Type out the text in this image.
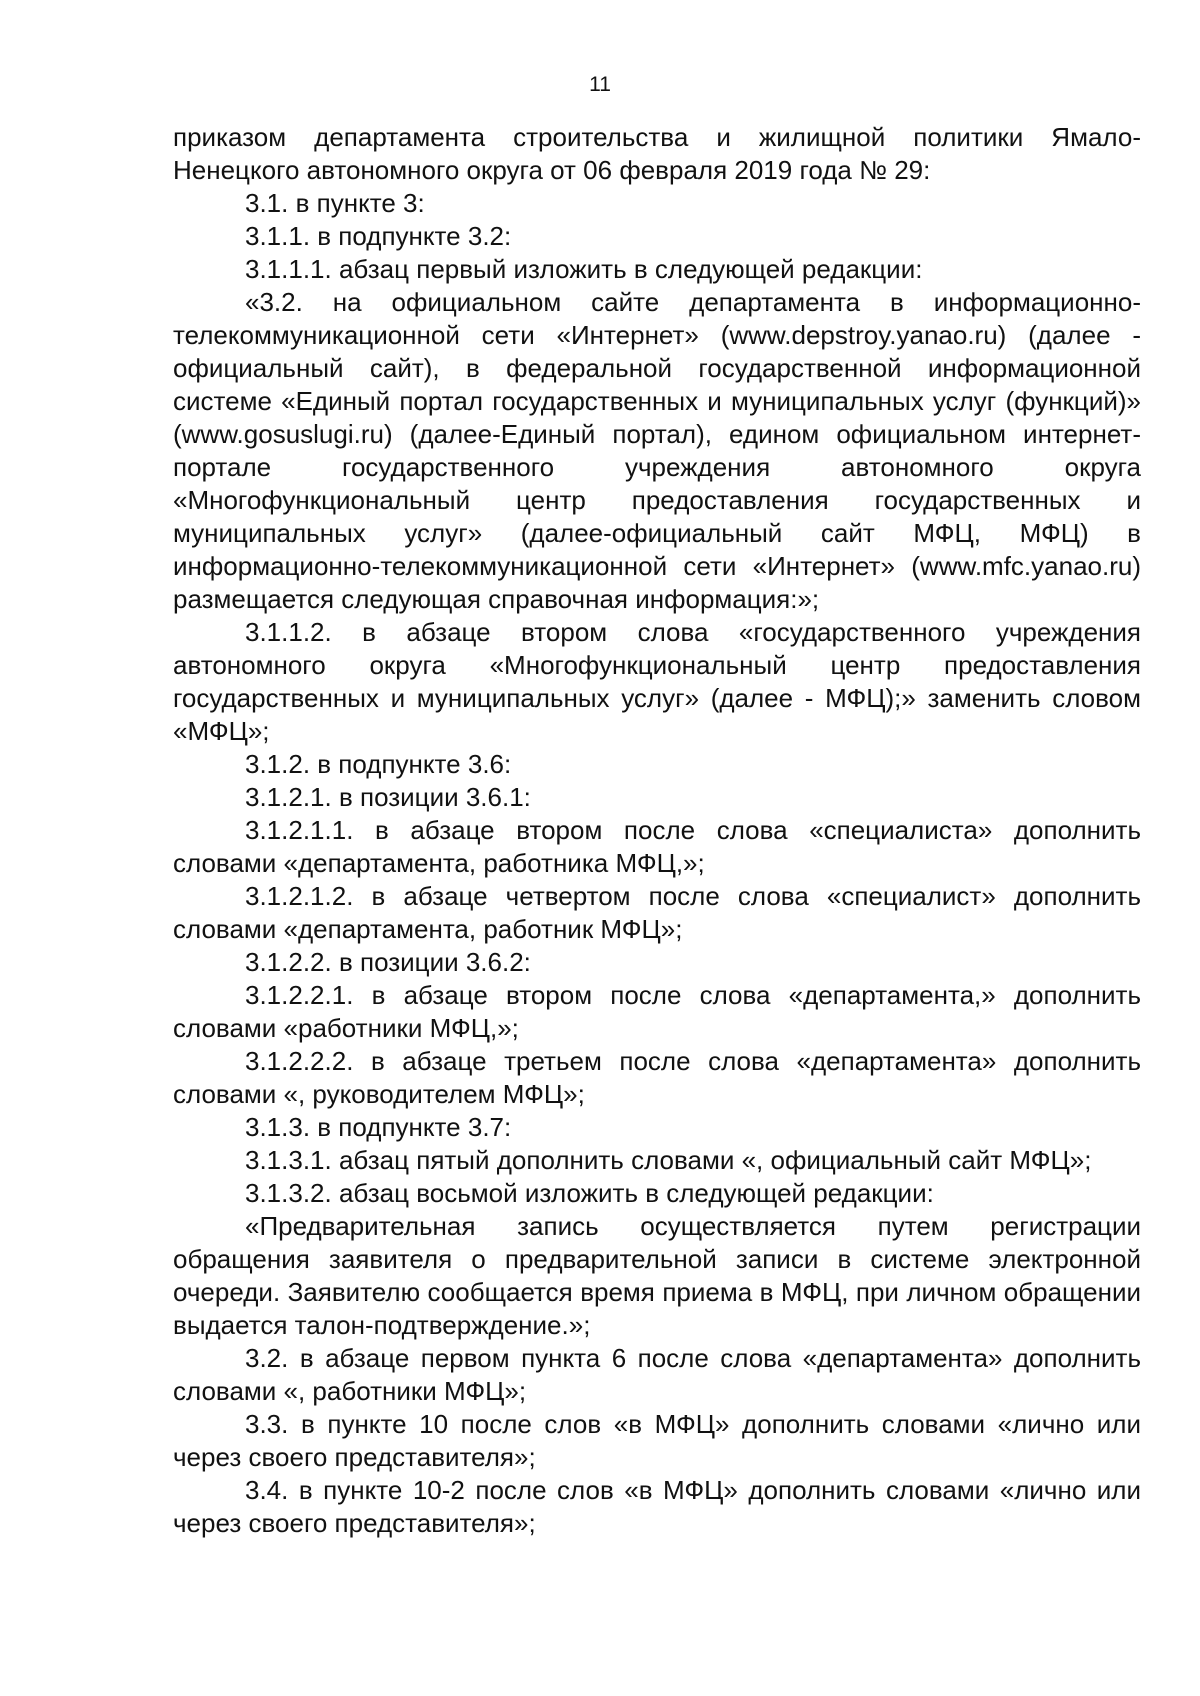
11

приказом департамента строительства и жилищной политики Ямало-Ненецкого автономного округа от 06 февраля 2019 года № 29:

3.1. в пункте 3:

3.1.1. в подпункте 3.2:

3.1.1.1. абзац первый изложить в следующей редакции:

«3.2. на официальном сайте департамента в информационно-телекоммуникационной сети «Интернет» (www.depstroy.yanao.ru) (далее - официальный сайт), в федеральной государственной информационной системе «Единый портал государственных и муниципальных услуг (функций)» (www.gosuslugi.ru) (далее-Единый портал), едином официальном интернет-портале государственного учреждения автономного округа «Многофункциональный центр предоставления государственных и муниципальных услуг» (далее-официальный сайт МФЦ, МФЦ) в информационно-телекоммуникационной сети «Интернет» (www.mfc.yanao.ru) размещается следующая справочная информация:»;

3.1.1.2. в абзаце втором слова «государственного учреждения автономного округа «Многофункциональный центр предоставления государственных и муниципальных услуг» (далее - МФЦ);» заменить словом «МФЦ»;

3.1.2. в подпункте 3.6:

3.1.2.1. в позиции 3.6.1:

3.1.2.1.1. в абзаце втором после слова «специалиста» дополнить словами «департамента, работника МФЦ,»;

3.1.2.1.2. в абзаце четвертом после слова «специалист» дополнить словами «департамента, работник МФЦ»;

3.1.2.2. в позиции 3.6.2:

3.1.2.2.1. в абзаце втором после слова «департамента,» дополнить словами «работники МФЦ,»;

3.1.2.2.2. в абзаце третьем после слова «департамента» дополнить словами «, руководителем МФЦ»;

3.1.3. в подпункте 3.7:

3.1.3.1. абзац пятый дополнить словами «, официальный сайт МФЦ»;

3.1.3.2. абзац восьмой изложить в следующей редакции:

«Предварительная запись осуществляется путем регистрации обращения заявителя о предварительной записи в системе электронной очереди. Заявителю сообщается время приема в МФЦ, при личном обращении выдается талон-подтверждение.»;

3.2. в абзаце первом пункта 6 после слова «департамента» дополнить словами «, работники МФЦ»;

3.3. в пункте 10 после слов «в МФЦ» дополнить словами «лично или через своего представителя»;

3.4. в пункте 10-2 после слов «в МФЦ» дополнить словами «лично или через своего представителя»;
